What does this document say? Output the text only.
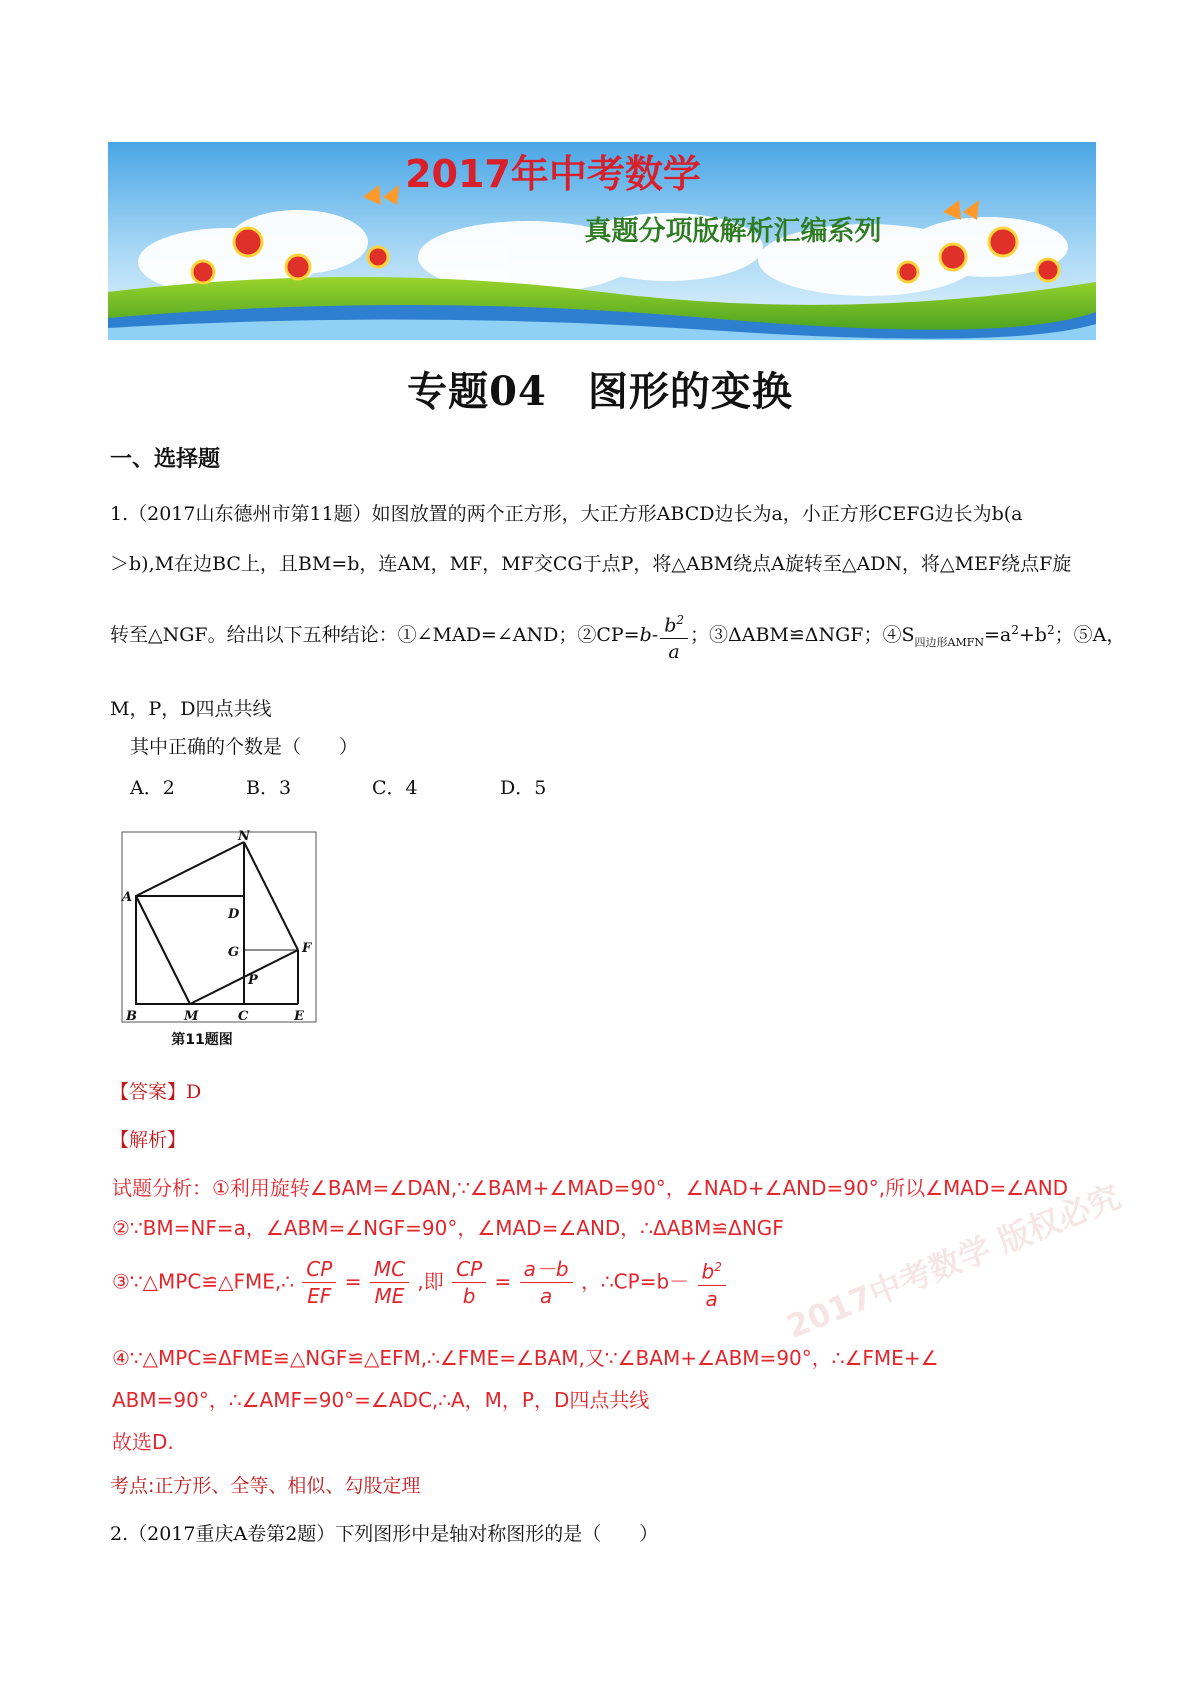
2017年中考数学
真题分项版解析汇编系列
专题04　图形的变换
一、选择题
1.（2017山东德州市第11题）如图放置的两个正方形，大正方形ABCD边长为a，小正方形CEFG边长为b(a
＞b),M在边BC上，且BM=b，连AM，MF，MF交CG于点P，将△ABM绕点A旋转至△ADN，将△MEF绕点F旋
转至△NGF。给出以下五种结论：①∠MAD=∠AND；②CP=b- $\frac{b^2}{a}$ ；③ΔABM≌ΔNGF；$④S_{四边形AMFN}=a^2+b^2$；⑤A，
M，P，D四点共线
其中正确的个数是（　　）
A．2	B．3	C．4	D．5
N
A
D
G	F
P
B	M	C	E
第11题图
【答案】D
【解析】
2017中考数学 版权必究
试题分析：①利用旋转∠BAM=∠DAN,∵∠BAM+∠MAD=90°，∠NAD+∠AND=90°,所以∠MAD=∠AND
②∵BM=NF=a，∠ABM=∠NGF=90°，∠MAD=∠AND，∴ΔABM≌ΔNGF
③∵△MPC≌△FME,∴ $\frac{CP}{EF} = \frac{MC}{ME}$ ,即 $\frac{CP}{b} = \frac{a-b}{a}$ ，∴CP=b－ $\frac{b^2}{a}$
④∵△MPC≌ΔFME≌△NGF≌△EFM,∴∠FME=∠BAM,又∵∠BAM+∠ABM=90°，∴∠FME+∠
ABM=90°，∴∠AMF=90°=∠ADC,∴A，M，P，D四点共线
故选D.
考点:正方形、全等、相似、勾股定理
2.（2017重庆A卷第2题）下列图形中是轴对称图形的是（　　）
